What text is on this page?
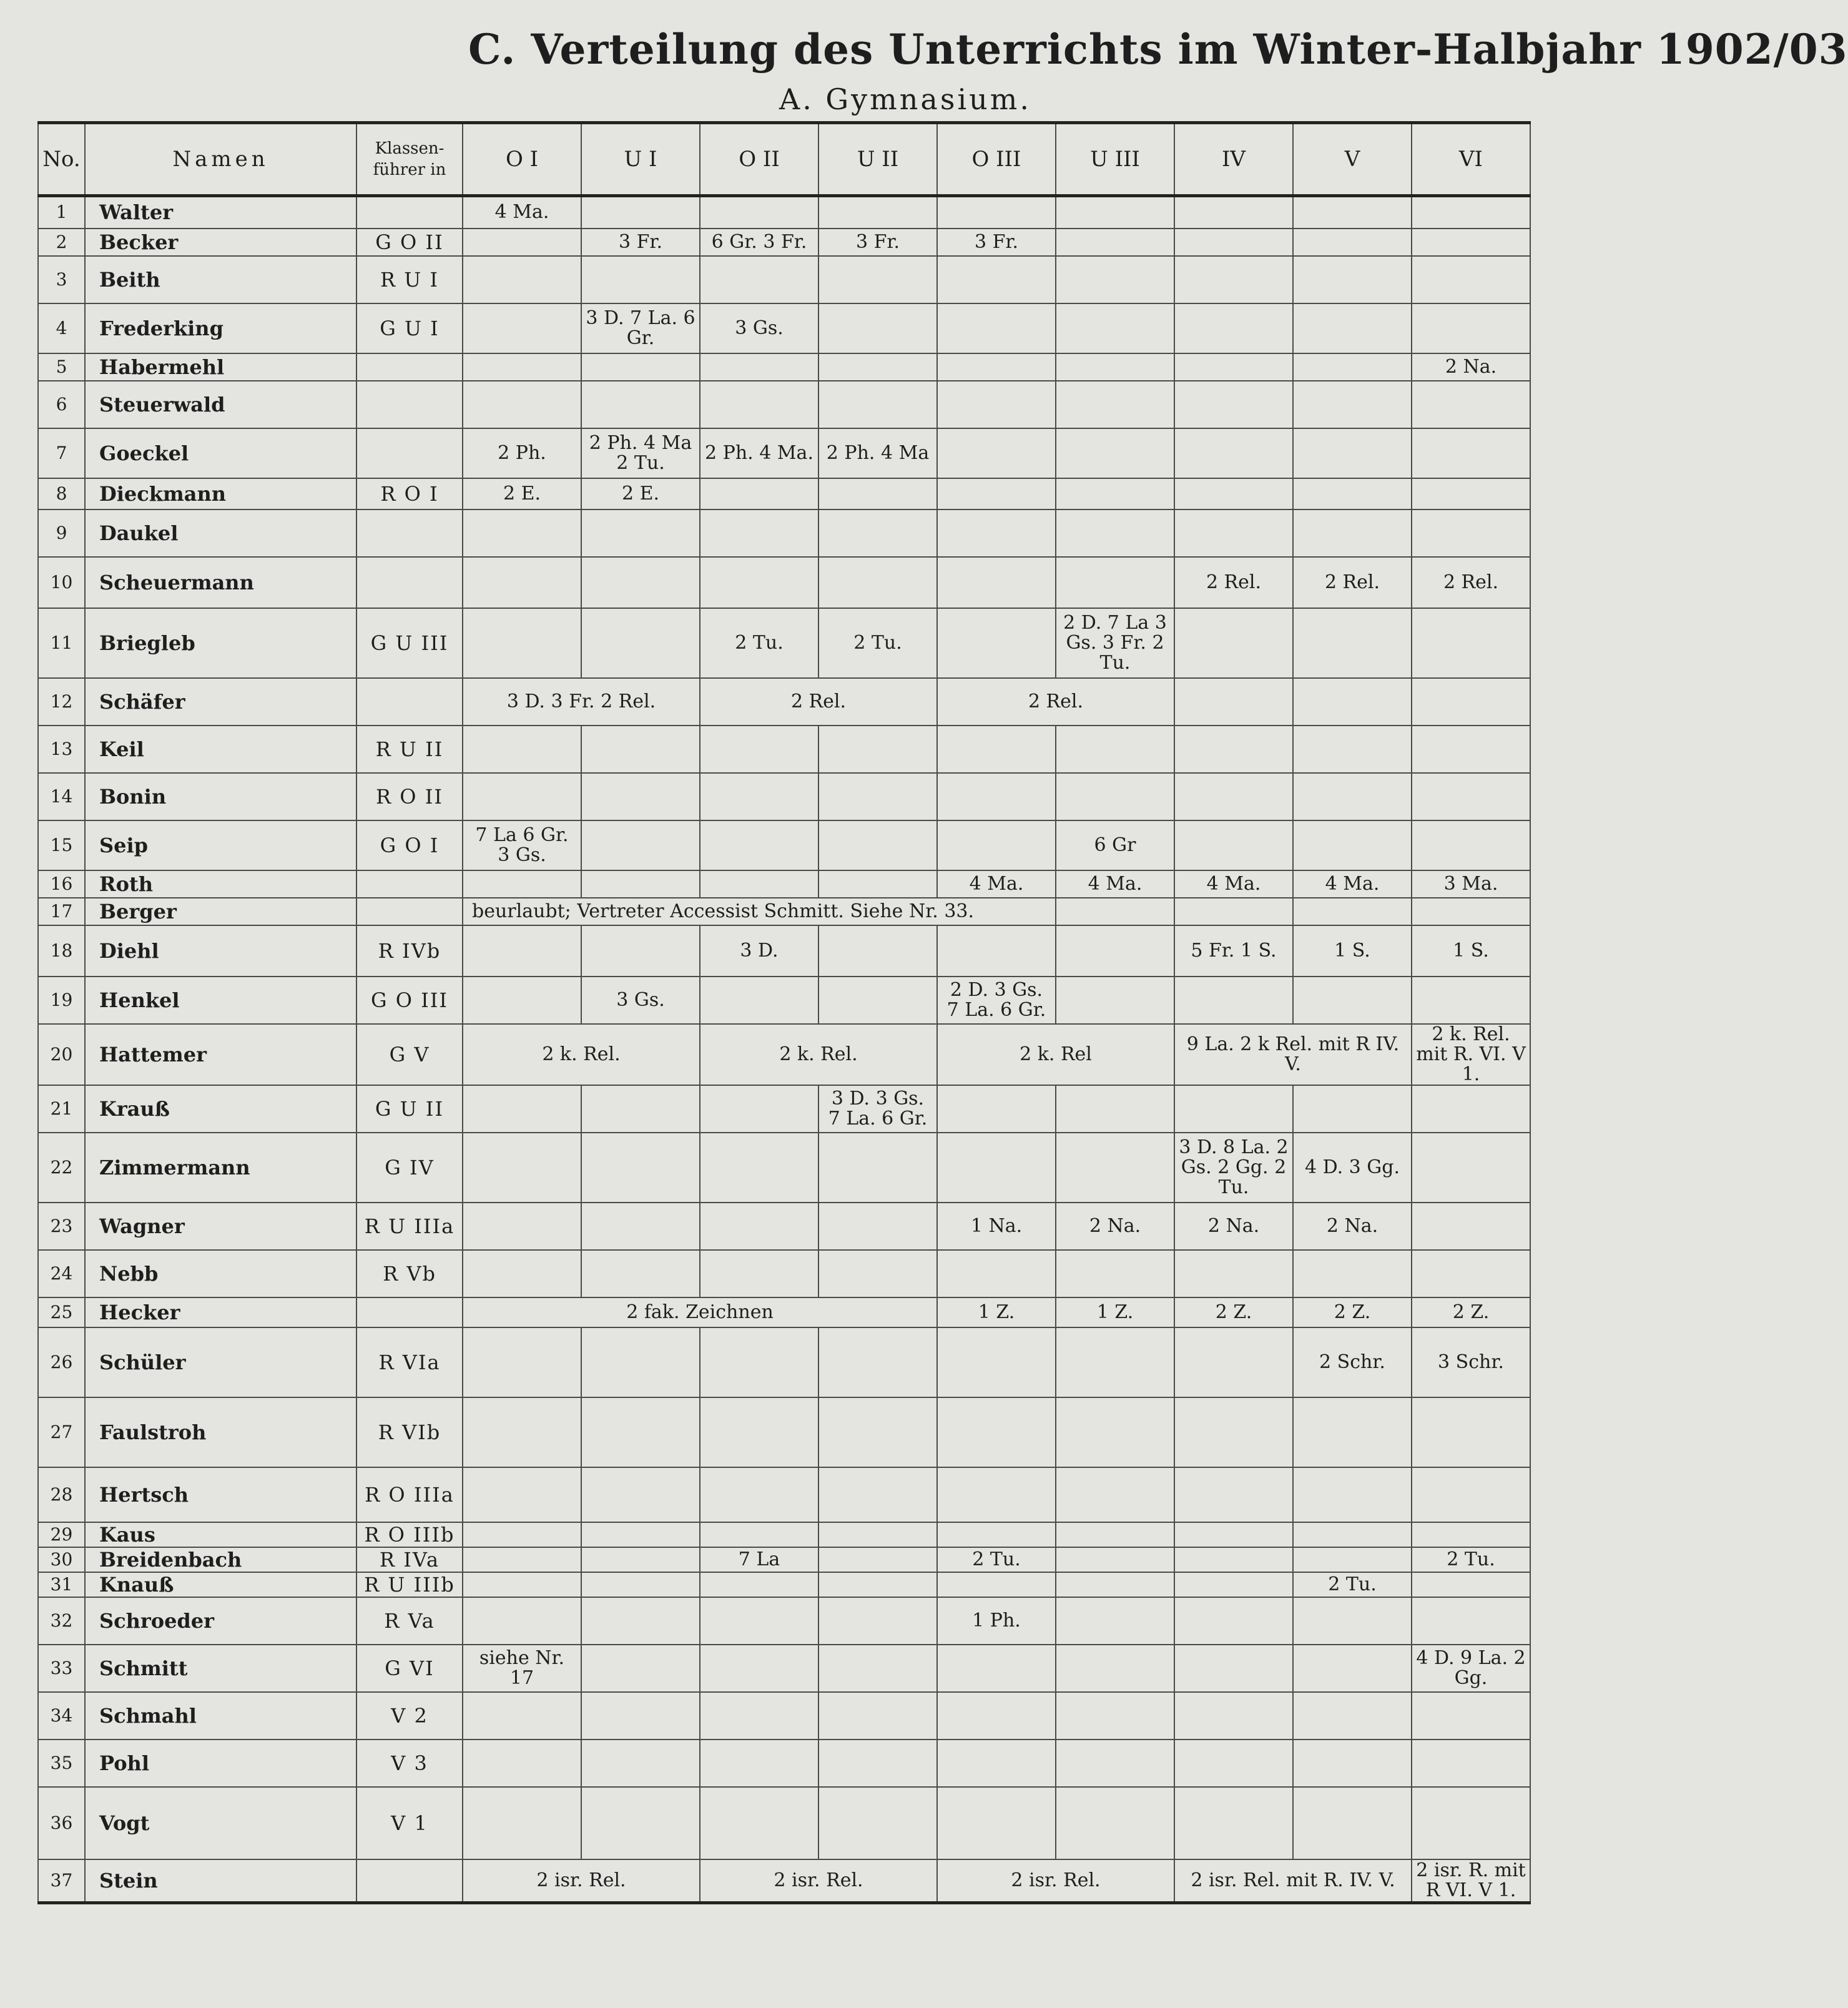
C. Verteilung des Unterrichts im Winter-Halbjahr 1902/03
A. Gymnasium.
No.	Namen	Klassen- führer in	O I	U I	O II	U II	O III	U III	IV	V	VI
1	Walter		4 Ma.								
2	Becker	G O II		3 Fr.	6 Gr. 3 Fr.	3 Fr.	3 Fr.				
3	Beith	R U I									
4	Frederking	G U I		3 D. 7 La. 6 Gr.	3 Gs.						
5	Habermehl										2 Na.
6	Steuerwald										
7	Goeckel		2 Ph.	2 Ph. 4 Ma 2 Tu.	2 Ph. 4 Ma.	2 Ph. 4 Ma					
8	Dieckmann	R O I	2 E.	2 E.							
9	Daukel										
10	Scheuermann								2 Rel.	2 Rel.	2 Rel.
11	Briegleb	G U III			2 Tu.	2 Tu.		2 D. 7 La 3 Gs. 3 Fr. 2 Tu.			
12	Schäfer		3 D. 3 Fr. 2 Rel.		2 Rel.		2 Rel.				
13	Keil	R U II									
14	Bonin	R O II									
15	Seip	G O I	7 La 6 Gr. 3 Gs.					6 Gr			
16	Roth						4 Ma.	4 Ma.	4 Ma.	4 Ma.	3 Ma.
17	Berger		beurlaubt; Vertreter Accessist Schmitt. Siehe Nr. 33.								
18	Diehl	R IVb			3 D.				5 Fr. 1 S.	1 S.	1 S.
19	Henkel	G O III		3 Gs.			2 D. 3 Gs. 7 La. 6 Gr.				
20	Hattemer	G V	2 k. Rel.		2 k. Rel.		2 k. Rel		9 La. 2 k Rel. mit R IV. V.		2 k. Rel. mit R. VI. V 1.
21	Krauß	G U II				3 D. 3 Gs. 7 La. 6 Gr.					
22	Zimmermann	G IV							3 D. 8 La. 2 Gs. 2 Gg. 2 Tu.	4 D. 3 Gg.	
23	Wagner	R U IIIa					1 Na.	2 Na.	2 Na.	2 Na.	
24	Nebb	R Vb									
25	Hecker		2 fak. Zeichnen				1 Z.	1 Z.	2 Z.	2 Z.	2 Z.
26	Schüler	R VIa								2 Schr.	3 Schr.
27	Faulstroh	R VIb									
28	Hertsch	R O IIIa									
29	Kaus	R O IIIb									
30	Breidenbach	R IVa			7 La		2 Tu.				2 Tu.
31	Knauß	R U IIIb								2 Tu.	
32	Schroeder	R Va					1 Ph.				
33	Schmitt	G VI	siehe Nr. 17								4 D. 9 La. 2 Gg.
34	Schmahl	V 2									
35	Pohl	V 3									
36	Vogt	V 1									
37	Stein		2 isr. Rel.		2 isr. Rel.		2 isr. Rel.		2 isr. Rel. mit R. IV. V.		2 isr. R. mit R VI. V 1.
